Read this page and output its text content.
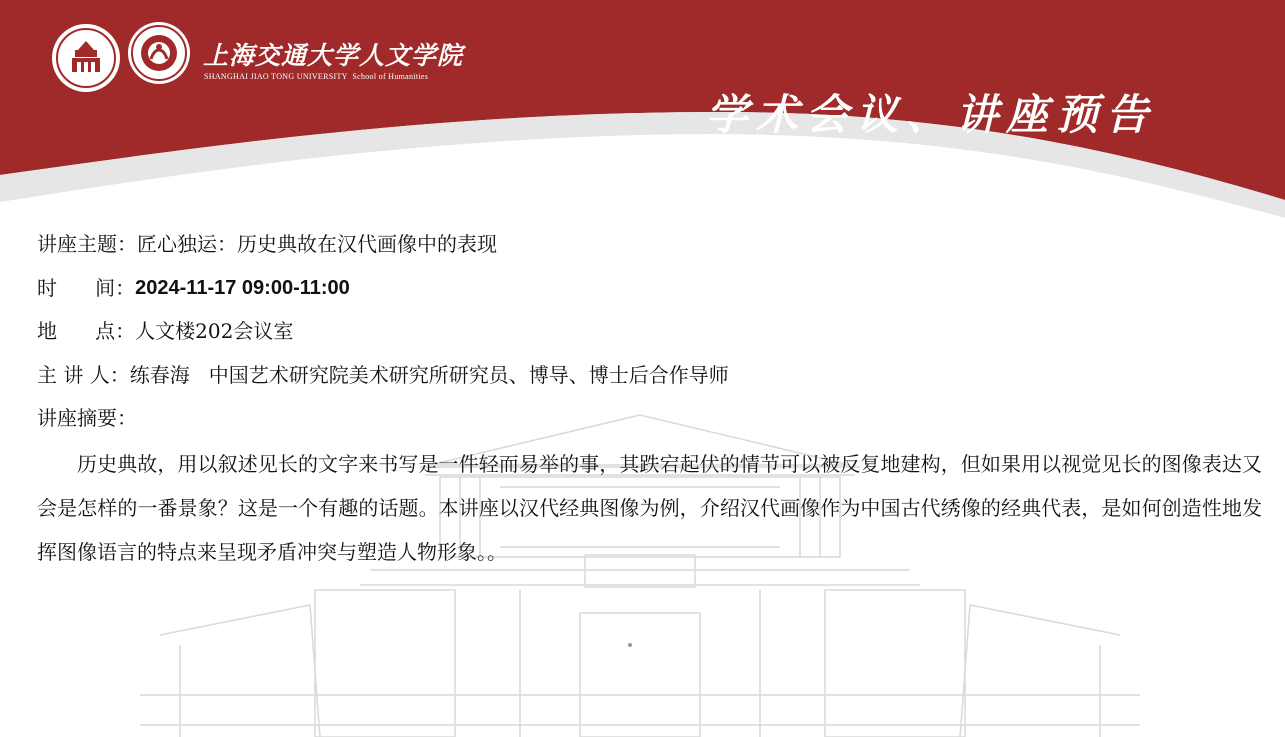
上海交通大学人文学院
SHANGHAI JIAO TONG UNIVERSITY School of Humanities
学术会议、讲座预告
讲座主题：匠心独运：历史典故在汉代画像中的表现
时      间：2024-11-17 09:00-11:00
地      点：人文楼202会议室
主 讲 人：练春海   中国艺术研究院美术研究所研究员、博导、博士后合作导师
讲座摘要：
历史典故，用以叙述见长的文字来书写是一件轻而易举的事，其跌宕起伏的情节可以被反复地建构，但如果用以视觉见长的图像表达又会是怎样的一番景象？这是一个有趣的话题。本讲座以汉代经典图像为例，介绍汉代画像作为中国古代绣像的经典代表，是如何创造性地发挥图像语言的特点来呈现矛盾冲突与塑造人物形象。。
